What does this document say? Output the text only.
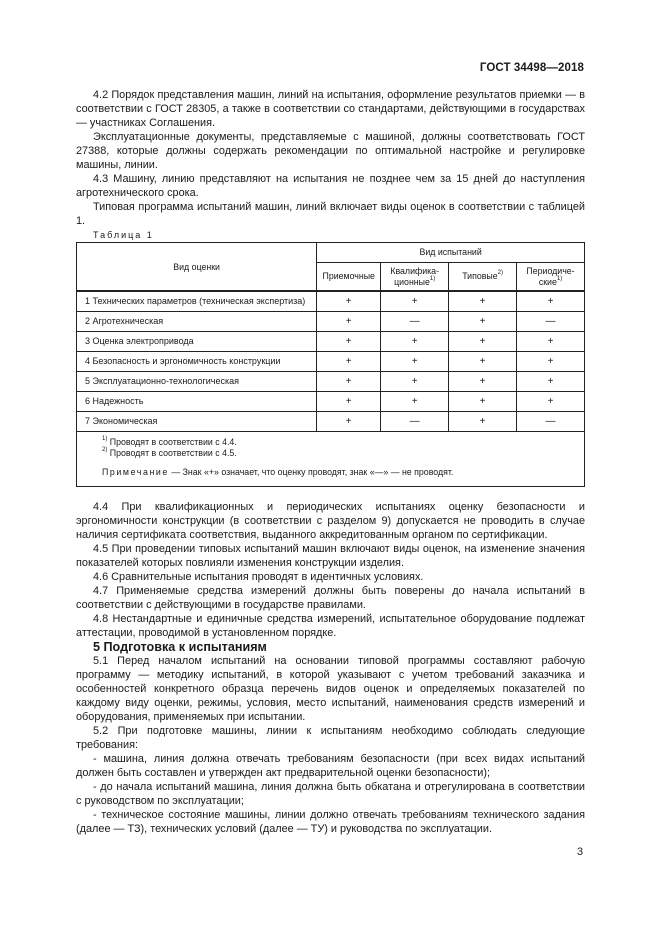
ГОСТ 34498—2018

4.2 Порядок представления машин, линий на испытания, оформление результатов приемки — в соответствии с ГОСТ 28305, а также в соответствии со стандартами, действующими в государствах — участниках Соглашения.

Эксплуатационные документы, представляемые с машиной, должны соответствовать ГОСТ 27388, которые должны содержать рекомендации по оптимальной настройке и регулировке машины, линии.

4.3 Машину, линию представляют на испытания не позднее чем за 15 дней до наступления агротехнического срока.

Типовая программа испытаний машин, линий включает виды оценок в соответствии с таблицей 1.

Таблица 1

Вид оценки	Вид испытаний			
	Приемочные	Квалифика-ционные$^{1)}$	Типовые$^{2)}$	Периодиче-ские$^{1)}$
1 Технических параметров (техническая экспертиза)	+	+	+	+
2 Агротехническая	+	—	+	—
3 Оценка электропривода	+	+	+	+
4 Безопасность и эргономичность конструкции	+	+	+	+
5 Эксплуатационно-технологическая	+	+	+	+
6 Надежность	+	+	+	+
7 Экономическая	+	—	+	—

$^{1)}$ Проводят в соответствии с 4.4.

$^{2)}$ Проводят в соответствии с 4.5.

Примечание — Знак «+» означает, что оценку проводят, знак «—» — не проводят.				

4.4 При квалификационных и периодических испытаниях оценку безопасности и эргономичности конструкции (в соответствии с разделом 9) допускается не проводить в случае наличия сертификата соответствия, выданного аккредитованным органом по сертификации.

4.5 При проведении типовых испытаний машин включают виды оценок, на изменение значения показателей которых повлияли изменения конструкции изделия.

4.6 Сравнительные испытания проводят в идентичных условиях.

4.7 Применяемые средства измерений должны быть поверены до начала испытаний в соответствии с действующими в государстве правилами.

4.8 Нестандартные и единичные средства измерений, испытательное оборудование подлежат аттестации, проводимой в установленном порядке.

5 Подготовка к испытаниям

5.1 Перед началом испытаний на основании типовой программы составляют рабочую программу — методику испытаний, в которой указывают с учетом требований заказчика и особенностей конкретного образца перечень видов оценок и определяемых показателей по каждому виду оценки, режимы, условия, место испытаний, наименования средств измерений и оборудования, применяемых при испытании.

5.2 При подготовке машины, линии к испытаниям необходимо соблюдать следующие требования:

- машина, линия должна отвечать требованиям безопасности (при всех видах испытаний должен быть составлен и утвержден акт предварительной оценки безопасности);

- до начала испытаний машина, линия должна быть обкатана и отрегулирована в соответствии с руководством по эксплуатации;

- техническое состояние машины, линии должно отвечать требованиям технического задания (далее — ТЗ), технических условий (далее — ТУ) и руководства по эксплуатации.

3
